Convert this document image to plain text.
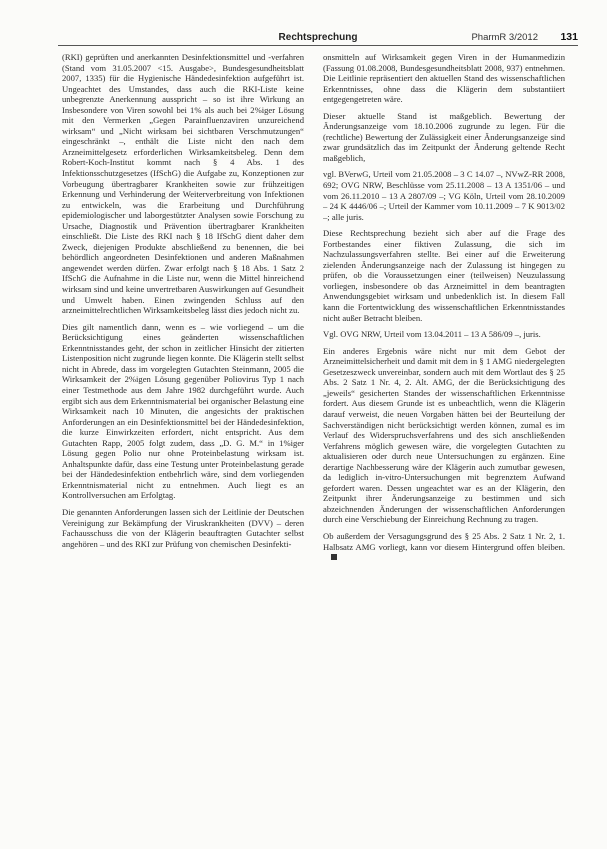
Rechtsprechung	PharmR 3/2012 131

(RKI) geprüften und anerkannten Desinfektionsmittel und -verfahren (Stand vom 31.05.2007 <15. Ausgabe>, Bundesgesundheitsblatt 2007, 1335) für die Hygienische Händedesinfektion aufgeführt ist. Ungeachtet des Umstandes, dass auch die RKI-Liste keine unbegrenzte Anerkennung ausspricht – so ist ihre Wirkung an Insbesondere von Viren sowohl bei 1% als auch bei 2%iger Lösung mit den Vermerken „Gegen Parainfluenzaviren unzureichend wirksam“ und „Nicht wirksam bei sichtbaren Verschmutzungen“ eingeschränkt –, enthält die Liste nicht den nach dem Arzneimittelgesetz erforderlichen Wirksamkeitsbeleg. Denn dem Robert-Koch-Institut kommt nach § 4 Abs. 1 des Infektionsschutzgesetzes (IfSchG) die Aufgabe zu, Konzeptionen zur Vorbeugung übertragbarer Krankheiten sowie zur frühzeitigen Erkennung und Verhinderung der Weiterverbreitung von Infektionen zu entwickeln, was die Erarbeitung und Durchführung epidemiologischer und laborgestützter Analysen sowie Forschung zu Ursache, Diagnostik und Prävention übertragbarer Krankheiten einschließt. Die Liste des RKI nach § 18 IfSchG dient daher dem Zweck, diejenigen Produkte abschließend zu benennen, die bei behördlich angeordneten Desinfektionen und anderen Maßnahmen angewendet werden dürfen. Zwar erfolgt nach § 18 Abs. 1 Satz 2 IfSchG die Aufnahme in die Liste nur, wenn die Mittel hinreichend wirksam sind und keine unvertretbaren Auswirkungen auf Gesundheit und Umwelt haben. Einen zwingenden Schluss auf den arzneimittelrechtlichen Wirksamkeitsbeleg lässt dies jedoch nicht zu.

Dies gilt namentlich dann, wenn es – wie vorliegend – um die Berücksichtigung eines geänderten wissenschaftlichen Erkenntnisstandes geht, der schon in zeitlicher Hinsicht der zitierten Listenposition nicht zugrunde liegen konnte. Die Klägerin stellt selbst nicht in Abrede, dass im vorgelegten Gutachten Steinmann, 2005 die Wirksamkeit der 2%igen Lösung gegenüber Poliovirus Typ 1 nach einer Testmethode aus dem Jahre 1982 durchgeführt wurde. Auch ergibt sich aus dem Erkenntnismaterial bei organischer Belastung eine Wirksamkeit nach 10 Minuten, die angesichts der praktischen Anforderungen an ein Desinfektionsmittel bei der Händedesinfektion, die kurze Einwirkzeiten erfordert, nicht entspricht. Aus dem Gutachten Rapp, 2005 folgt zudem, dass „D. G. M.“ in 1%iger Lösung gegen Polio nur ohne Proteinbelastung wirksam ist. Anhaltspunkte dafür, dass eine Testung unter Proteinbelastung gerade bei der Händedesinfektion entbehrlich wäre, sind dem vorliegenden Erkenntnismaterial nicht zu entnehmen. Auch liegt es an Kontrollversuchen am Erfolgtag.

Die genannten Anforderungen lassen sich der Leitlinie der Deutschen Vereinigung zur Bekämpfung der Viruskrankheiten (DVV) – deren Fachausschuss die von der Klägerin beauftragten Gutachter selbst angehören – und des RKI zur Prüfung von chemischen Desinfekti-

onsmitteln auf Wirksamkeit gegen Viren in der Humanmedizin (Fassung 01.08.2008, Bundesgesundheitsblatt 2008, 937) entnehmen. Die Leitlinie repräsentiert den aktuellen Stand des wissenschaftlichen Erkenntnisses, ohne dass die Klägerin dem substantiiert entgegengetreten wäre.

Dieser aktuelle Stand ist maßgeblich. Bewertung der Änderungsanzeige vom 18.10.2006 zugrunde zu legen. Für die (rechtliche) Bewertung der Zulässigkeit einer Änderungsanzeige sind zwar grundsätzlich das im Zeitpunkt der Änderung geltende Recht maßgeblich,

vgl. BVerwG, Urteil vom 21.05.2008 – 3 C 14.07 –, NVwZ-RR 2008, 692; OVG NRW, Beschlüsse vom 25.11.2008 – 13 A 1351/06 – und vom 26.11.2010 – 13 A 2807/09 –; VG Köln, Urteil vom 28.10.2009 – 24 K 4446/06 –; Urteil der Kammer vom 10.11.2009 – 7 K 9013/02 –; alle juris.

Diese Rechtsprechung bezieht sich aber auf die Frage des Fortbestandes einer fiktiven Zulassung, die sich im Nachzulassungsverfahren stellte. Bei einer auf die Erweiterung zielenden Änderungsanzeige nach der Zulassung ist hingegen zu prüfen, ob die Voraussetzungen einer (teilweisen) Neuzulassung vorliegen, insbesondere ob das Arzneimittel in dem beantragten Anwendungsgebiet wirksam und unbedenklich ist. In diesem Fall kann die Fortentwicklung des wissenschaftlichen Erkenntnisstandes nicht außer Betracht bleiben.

Vgl. OVG NRW, Urteil vom 13.04.2011 – 13 A 586/09 –, juris.

Ein anderes Ergebnis wäre nicht nur mit dem Gebot der Arzneimittelsicherheit und damit mit dem in § 1 AMG niedergelegten Gesetzeszweck unvereinbar, sondern auch mit dem Wortlaut des § 25 Abs. 2 Satz 1 Nr. 4, 2. Alt. AMG, der die Berücksichtigung des „jeweils“ gesicherten Standes der wissenschaftlichen Erkenntnisse fordert. Aus diesem Grunde ist es unbeachtlich, wenn die Klägerin darauf verweist, die neuen Vorgaben hätten bei der Beurteilung der Sachverständigen nicht berücksichtigt werden können, zumal es im Verlauf des Widerspruchsverfahrens und des sich anschließenden Verfahrens möglich gewesen wäre, die vorgelegten Gutachten zu aktualisieren oder durch neue Untersuchungen zu ergänzen. Eine derartige Nachbesserung wäre der Klägerin auch zumutbar gewesen, da lediglich in-vitro-Untersuchungen mit begrenztem Aufwand gefordert waren. Dessen ungeachtet war es an der Klägerin, den Zeitpunkt ihrer Änderungsanzeige zu bestimmen und sich abzeichnenden Änderungen der wissenschaftlichen Anforderungen durch eine Verschiebung der Einreichung Rechnung zu tragen.

Ob außerdem der Versagungsgrund des § 25 Abs. 2 Satz 1 Nr. 2, 1. Halbsatz AMG vorliegt, kann vor diesem Hintergrund offen bleiben.
